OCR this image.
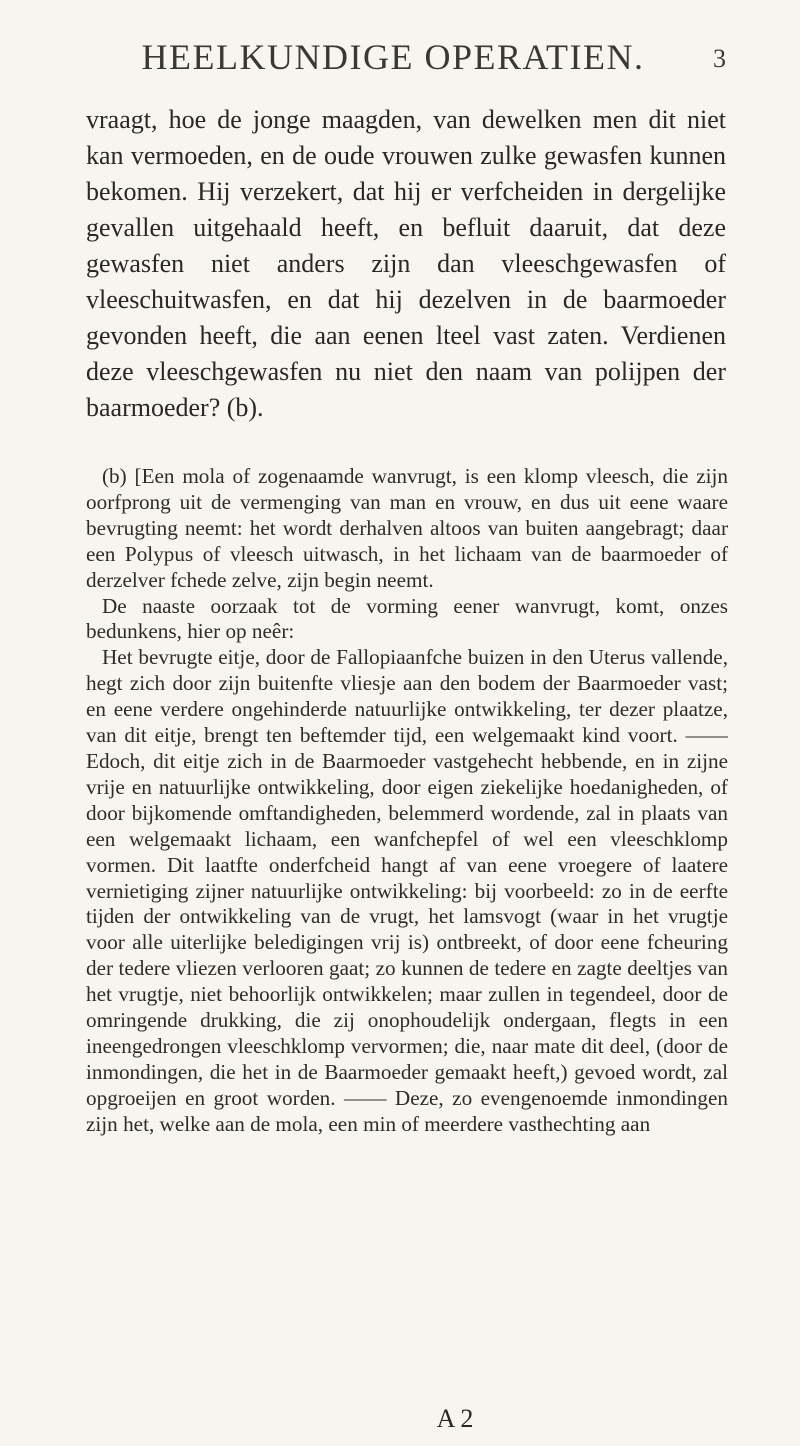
HEELKUNDIGE OPERATIEN.	3

vraagt, hoe de jonge maagden, van dewelken men dit niet kan vermoeden, en de oude vrouwen zulke gewasfen kunnen bekomen. Hij verzekert, dat hij er verfcheiden in dergelijke gevallen uitgehaald heeft, en befluit daaruit, dat deze gewasfen niet anders zijn dan vleeschgewasfen of vleeschuitwasfen, en dat hij dezelven in de baarmoeder gevonden heeft, die aan eenen lteel vast zaten. Verdienen deze vleeschgewasfen nu niet den naam van polijpen der baarmoeder? (b).

(b) [Een mola of zogenaamde wanvrugt, is een klomp vleesch, die zijn oorfprong uit de vermenging van man en vrouw, en dus uit eene waare bevrugting neemt: het wordt derhalven altoos van buiten aangebragt; daar een Polypus of vleesch uitwasch, in het lichaam van de baarmoeder of derzelver fchede zelve, zijn begin neemt.

De naaste oorzaak tot de vorming eener wanvrugt, komt, onzes bedunkens, hier op neêr:

Het bevrugte eitje, door de Fallopiaanfche buizen in den Uterus vallende, hegt zich door zijn buitenfte vliesje aan den bodem der Baarmoeder vast; en eene verdere ongehinderde natuurlijke ontwikkeling, ter dezer plaatze, van dit eitje, brengt ten beftemder tijd, een welgemaakt kind voort. —— Edoch, dit eitje zich in de Baarmoeder vastgehecht hebbende, en in zijne vrije en natuurlijke ontwikkeling, door eigen ziekelijke hoedanigheden, of door bijkomende omftandigheden, belemmerd wordende, zal in plaats van een welgemaakt lichaam, een wanfchepfel of wel een vleeschklomp vormen. Dit laatfte onderfcheid hangt af van eene vroegere of laatere vernietiging zijner natuurlijke ontwikkeling: bij voorbeeld: zo in de eerfte tijden der ontwikkeling van de vrugt, het lamsvogt (waar in het vrugtje voor alle uiterlijke beledigingen vrij is) ontbreekt, of door eene fcheuring der tedere vliezen verlooren gaat; zo kunnen de tedere en zagte deeltjes van het vrugtje, niet behoorlijk ontwikkelen; maar zullen in tegendeel, door de omringende drukking, die zij onophoudelijk ondergaan, flegts in een ineengedrongen vleeschklomp vervormen; die, naar mate dit deel, (door de inmondingen, die het in de Baarmoeder gemaakt heeft,) gevoed wordt, zal opgroeijen en groot worden. —— Deze, zo evengenoemde inmondingen zijn het, welke aan de mola, een min of meerdere vasthechting aan

A 2
